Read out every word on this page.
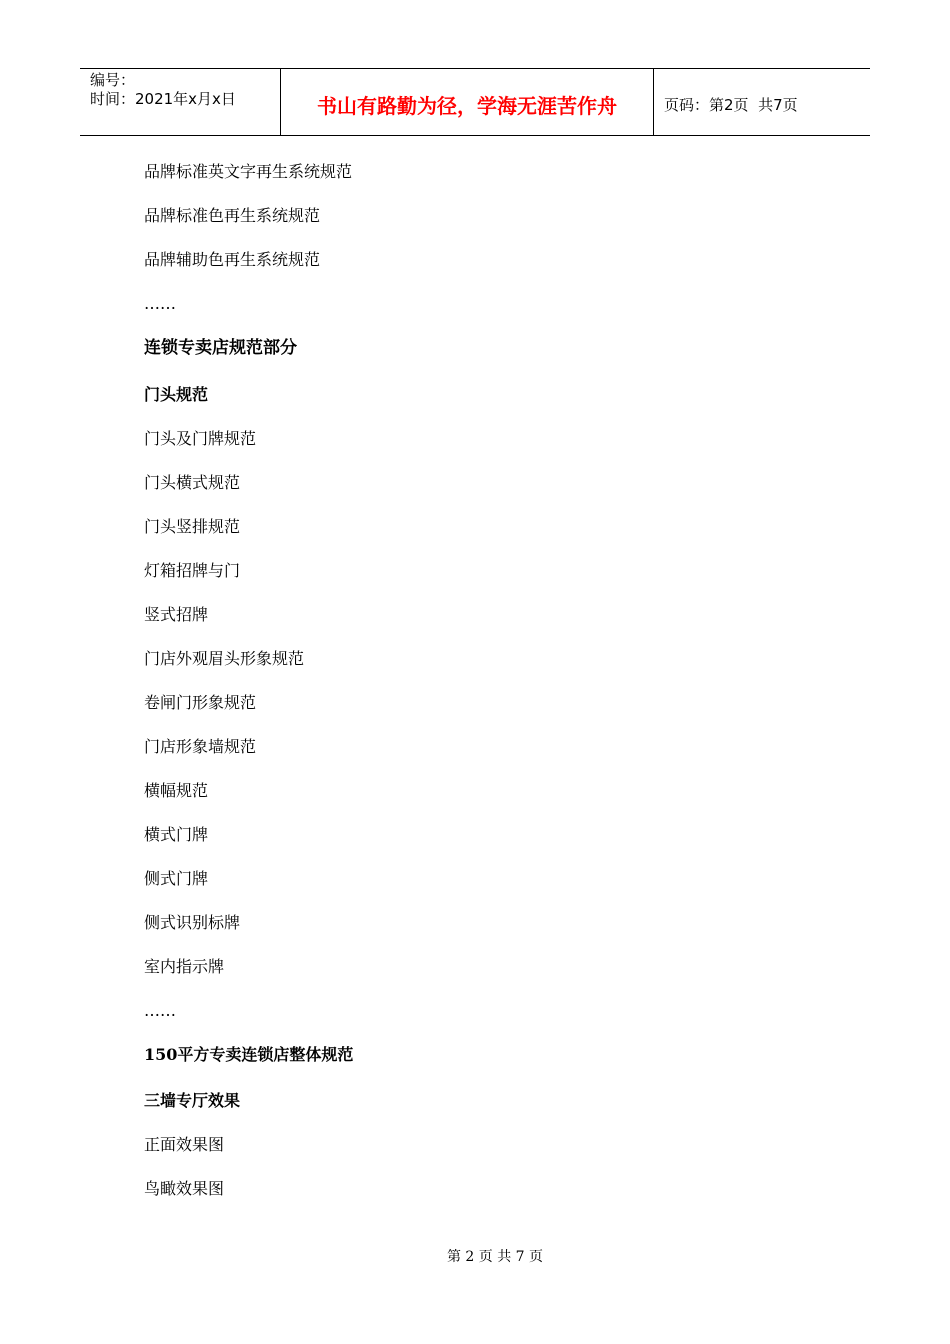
编号：
时间：2021年x月x日	书山有路勤为径，学海无涯苦作舟	页码：第2页  共7页
品牌标准英文字再生系统规范
品牌标准色再生系统规范
品牌辅助色再生系统规范
……
连锁专卖店规范部分
门头规范
门头及门牌规范
门头横式规范
门头竖排规范
灯箱招牌与门
竖式招牌
门店外观眉头形象规范
卷闸门形象规范
门店形象墙规范
横幅规范
横式门牌
侧式门牌
侧式识别标牌
室内指示牌
……
150平方专卖连锁店整体规范
三墙专厅效果
正面效果图
鸟瞰效果图
第 2 页 共 7 页
